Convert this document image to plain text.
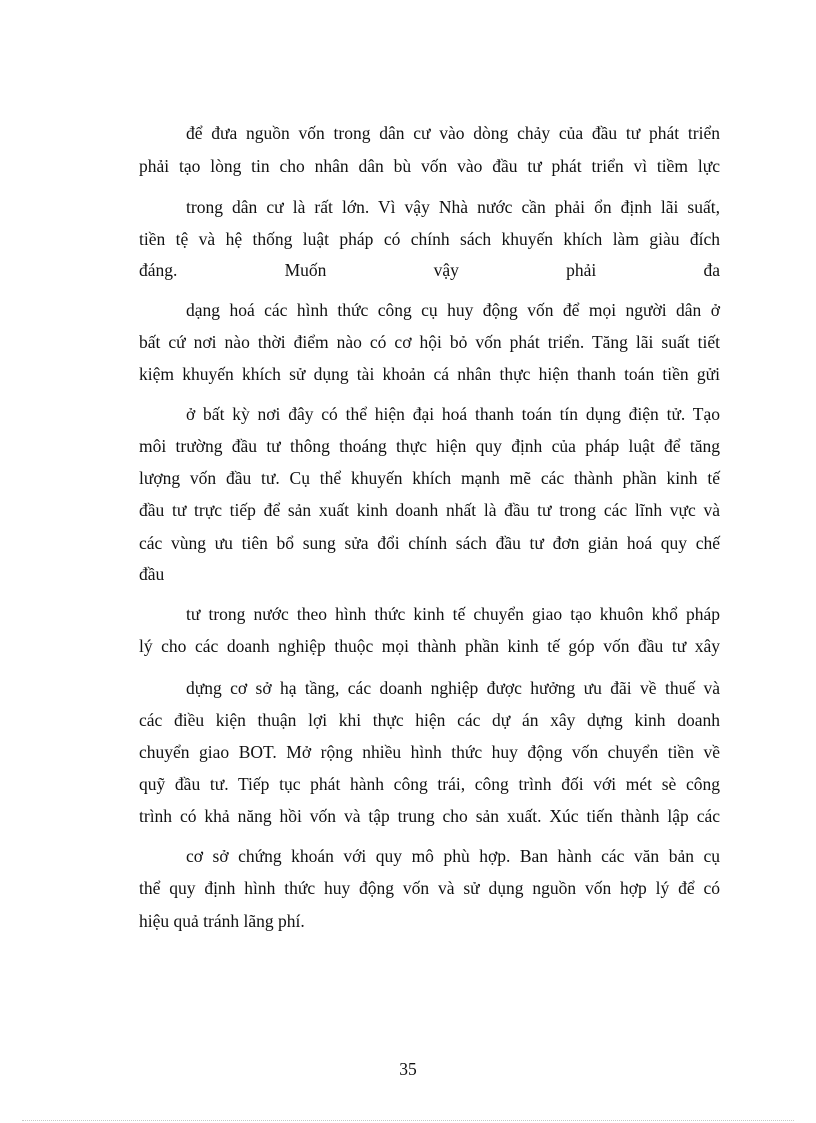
để đưa nguồn vốn trong dân cư vào dòng chảy của đầu tư phát triển
phải tạo lòng tin cho nhân dân bù vốn vào đầu tư phát triển vì tiềm lực
trong dân cư là rất lớn. Vì vậy Nhà nước cần phải ổn định lãi suất,
tiền tệ và hệ thống luật pháp có chính sách khuyến khích làm giàu đích
đáng. Muốn vậy phải đa
dạng hoá các hình thức công cụ huy động vốn để mọi người dân ở
bất cứ nơi nào thời điểm nào có cơ hội bỏ vốn phát triển. Tăng lãi suất tiết
kiệm khuyến khích sử dụng tài khoản cá nhân thực hiện thanh toán tiền gửi
ở bất kỳ nơi đây có thể hiện đại hoá thanh toán tín dụng điện tử. Tạo
môi trường đầu tư thông thoáng thực hiện quy định của pháp luật để tăng
lượng vốn đầu tư. Cụ thể khuyến khích mạnh mẽ các thành phần kinh tế
đầu tư trực tiếp để sản xuất kinh doanh nhất là đầu tư trong các lĩnh vực và
các vùng ưu tiên bổ sung sửa đổi chính sách đầu tư đơn giản hoá quy chế
đầu
tư trong nước theo hình thức kinh tế chuyển giao tạo khuôn khổ pháp
lý cho các doanh nghiệp thuộc mọi thành phần kinh tế góp vốn đầu tư xây
dựng cơ sở hạ tầng, các doanh nghiệp được hưởng ưu đãi về thuế và
các điều kiện thuận lợi khi thực hiện các dự án xây dựng kinh doanh
chuyển giao BOT. Mở rộng nhiều hình thức huy động vốn chuyển tiền về
quỹ đầu tư. Tiếp tục phát hành công trái, công trình đối với mét sè công
trình có khả năng hồi vốn và tập trung cho sản xuất. Xúc tiến thành lập các
cơ sở chứng khoán với quy mô phù hợp. Ban hành các văn bản cụ
thể quy định hình thức huy động vốn và sử dụng nguồn vốn hợp lý để có
hiệu quả tránh lãng phí.
35
